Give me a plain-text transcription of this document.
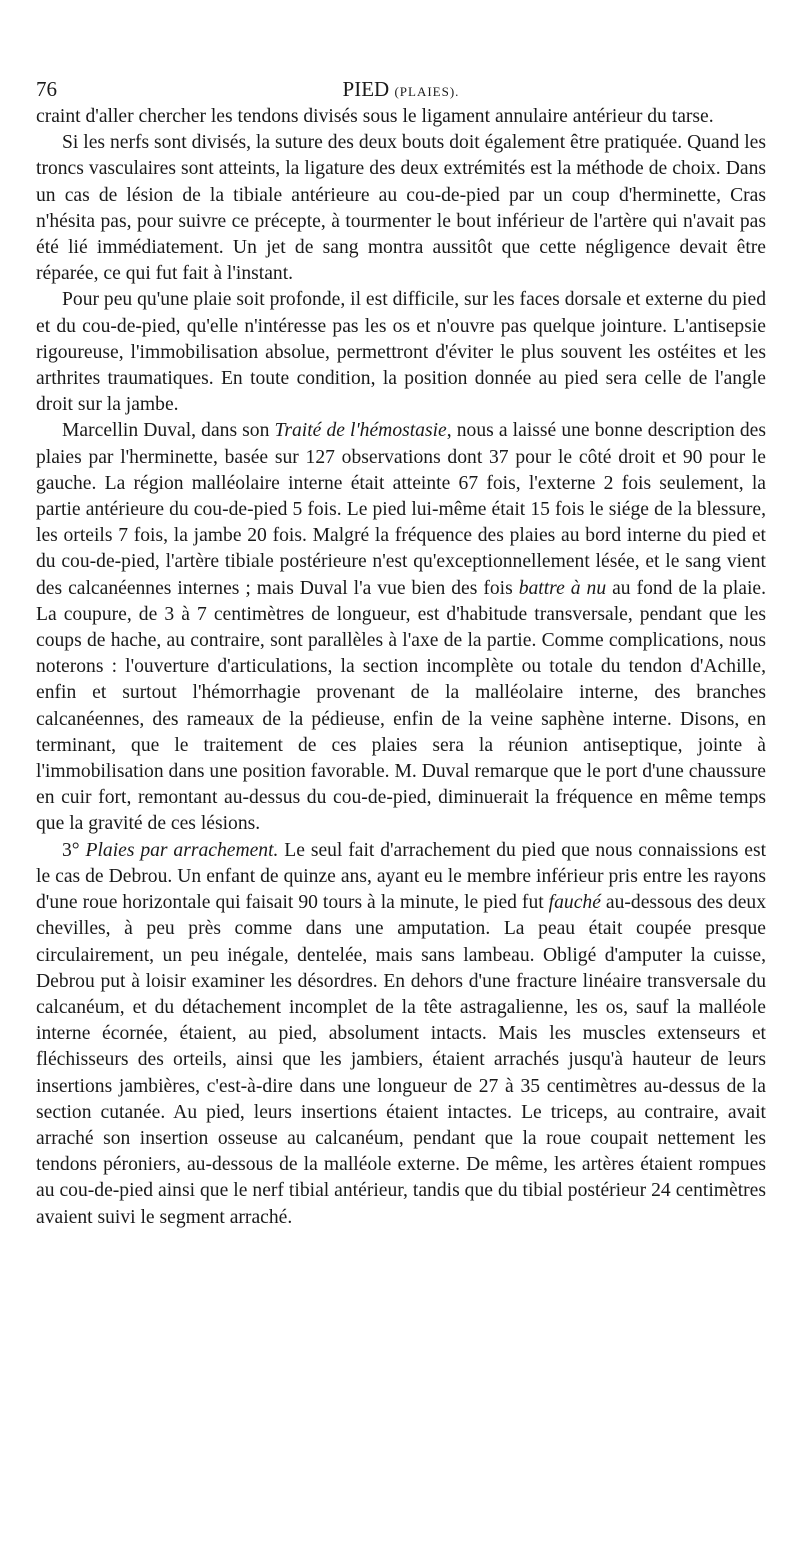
76	PIED (PLAIES).

craint d'aller chercher les tendons divisés sous le ligament annulaire antérieur du tarse.

Si les nerfs sont divisés, la suture des deux bouts doit également être pratiquée. Quand les troncs vasculaires sont atteints, la ligature des deux extrémités est la méthode de choix. Dans un cas de lésion de la tibiale antérieure au cou-de-pied par un coup d'herminette, Cras n'hésita pas, pour suivre ce précepte, à tourmenter le bout inférieur de l'artère qui n'avait pas été lié immédiatement. Un jet de sang montra aussitôt que cette négligence devait être réparée, ce qui fut fait à l'instant.

Pour peu qu'une plaie soit profonde, il est difficile, sur les faces dorsale et externe du pied et du cou-de-pied, qu'elle n'intéresse pas les os et n'ouvre pas quelque jointure. L'antisepsie rigoureuse, l'immobilisation absolue, permettront d'éviter le plus souvent les ostéites et les arthrites traumatiques. En toute condition, la position donnée au pied sera celle de l'angle droit sur la jambe.

Marcellin Duval, dans son Traité de l'hémostasie, nous a laissé une bonne description des plaies par l'herminette, basée sur 127 observations dont 37 pour le côté droit et 90 pour le gauche. La région malléolaire interne était atteinte 67 fois, l'externe 2 fois seulement, la partie antérieure du cou-de-pied 5 fois. Le pied lui-même était 15 fois le siége de la blessure, les orteils 7 fois, la jambe 20 fois. Malgré la fréquence des plaies au bord interne du pied et du cou-de-pied, l'artère tibiale postérieure n'est qu'exceptionnellement lésée, et le sang vient des calcanéennes internes ; mais Duval l'a vue bien des fois battre à nu au fond de la plaie. La coupure, de 3 à 7 centimètres de longueur, est d'habitude transversale, pendant que les coups de hache, au contraire, sont parallèles à l'axe de la partie. Comme complications, nous noterons : l'ouverture d'articulations, la section incomplète ou totale du tendon d'Achille, enfin et surtout l'hémorrhagie provenant de la malléolaire interne, des branches calcanéennes, des rameaux de la pédieuse, enfin de la veine saphène interne. Disons, en terminant, que le traitement de ces plaies sera la réunion antiseptique, jointe à l'immobilisation dans une position favorable. M. Duval remarque que le port d'une chaussure en cuir fort, remontant au-dessus du cou-de-pied, diminuerait la fréquence en même temps que la gravité de ces lésions.

3° Plaies par arrachement. Le seul fait d'arrachement du pied que nous connaissions est le cas de Debrou. Un enfant de quinze ans, ayant eu le membre inférieur pris entre les rayons d'une roue horizontale qui faisait 90 tours à la minute, le pied fut fauché au-dessous des deux chevilles, à peu près comme dans une amputation. La peau était coupée presque circulairement, un peu inégale, dentelée, mais sans lambeau. Obligé d'amputer la cuisse, Debrou put à loisir examiner les désordres. En dehors d'une fracture linéaire transversale du calcanéum, et du détachement incomplet de la tête astragalienne, les os, sauf la malléole interne écornée, étaient, au pied, absolument intacts. Mais les muscles extenseurs et fléchisseurs des orteils, ainsi que les jambiers, étaient arrachés jusqu'à hauteur de leurs insertions jambières, c'est-à-dire dans une longueur de 27 à 35 centimètres au-dessus de la section cutanée. Au pied, leurs insertions étaient intactes. Le triceps, au contraire, avait arraché son insertion osseuse au calcanéum, pendant que la roue coupait nettement les tendons péroniers, au-dessous de la malléole externe. De même, les artères étaient rompues au cou-de-pied ainsi que le nerf tibial antérieur, tandis que du tibial postérieur 24 centimètres avaient suivi le segment arraché.
